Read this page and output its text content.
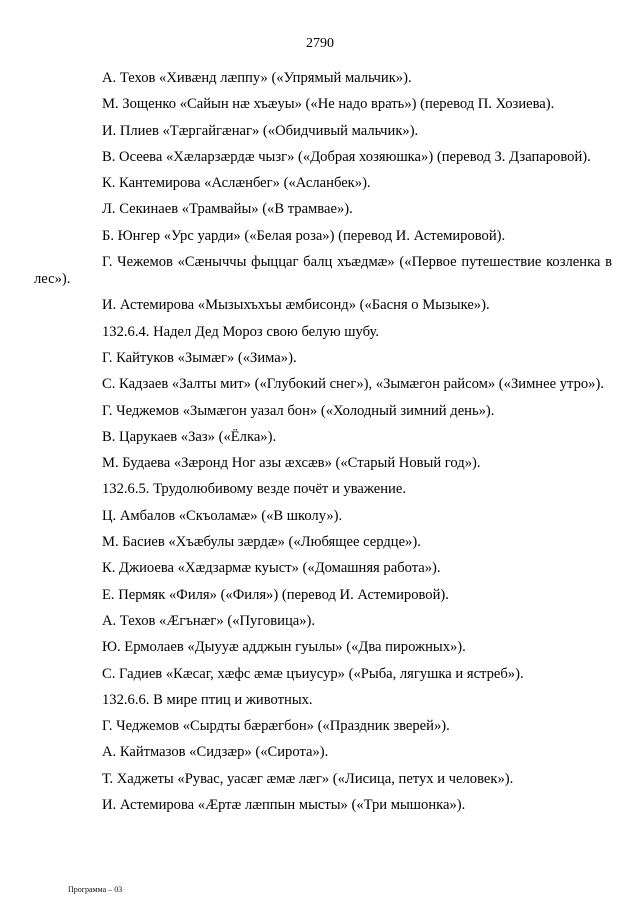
2790

А. Техов «Хивæнд лæппу» («Упрямый мальчик»).

М. Зощенко «Сайын нæ хъæуы» («Не надо врать») (перевод П. Хозиева).

И. Плиев «Тæргайгæнаг» («Обидчивый мальчик»).

В. Осеева «Хæларзæрдæ чызг» («Добрая хозяюшка») (перевод З. Дзапаровой).

К. Кантемирова «Аслæнбег» («Асланбек»).

Л. Секинаев «Трамвайы» («В трамвае»).

Б. Юнгер «Урс уарди» («Белая роза») (перевод И. Астемировой).

Г. Чежемов «Сæныччы фыццаг балц хъæдмæ» («Первое путешествие козленка в лес»).

И. Астемирова «Мызыхъхъы æмбисонд» («Басня о Мызыке»).

132.6.4. Надел Дед Мороз свою белую шубу.

Г. Кайтуков «Зымæг» («Зима»).

С. Кадзаев «Залты мит» («Глубокий снег»), «Зымæгон райсом» («Зимнее утро»).

Г. Чеджемов «Зымæгон уазал бон» («Холодный зимний день»).

В. Царукаев «Заз» («Ёлка»).

М. Будаева «Зæронд Ног азы æхсæв» («Старый Новый год»).

132.6.5. Трудолюбивому везде почёт и уважение.

Ц. Амбалов «Скъоламæ» («В школу»).

М. Басиев «Хъæбулы зæрдæ» («Любящее сердце»).

К. Джиоева «Хæдзармæ куыст» («Домашняя работа»).

Е. Пермяк «Филя» («Филя») (перевод И. Астемировой).

А. Техов «Æгънæг» («Пуговица»).

Ю. Ермолаев «Дыууæ адджын гуылы» («Два пирожных»).

С. Гадиев «Кæсаг, хæфс æмæ цъиусур» («Рыба, лягушка и ястреб»).

132.6.6. В мире птиц и животных.

Г. Чеджемов «Сырдты бæрæгбон» («Праздник зверей»).

А. Кайтмазов «Сидзæр» («Сирота»).

Т. Хаджеты «Рувас, уасæг æмæ лæг» («Лисица, петух и человек»).

И. Астемирова «Æртæ лæппын мысты» («Три мышонка»).

Программа – 03
